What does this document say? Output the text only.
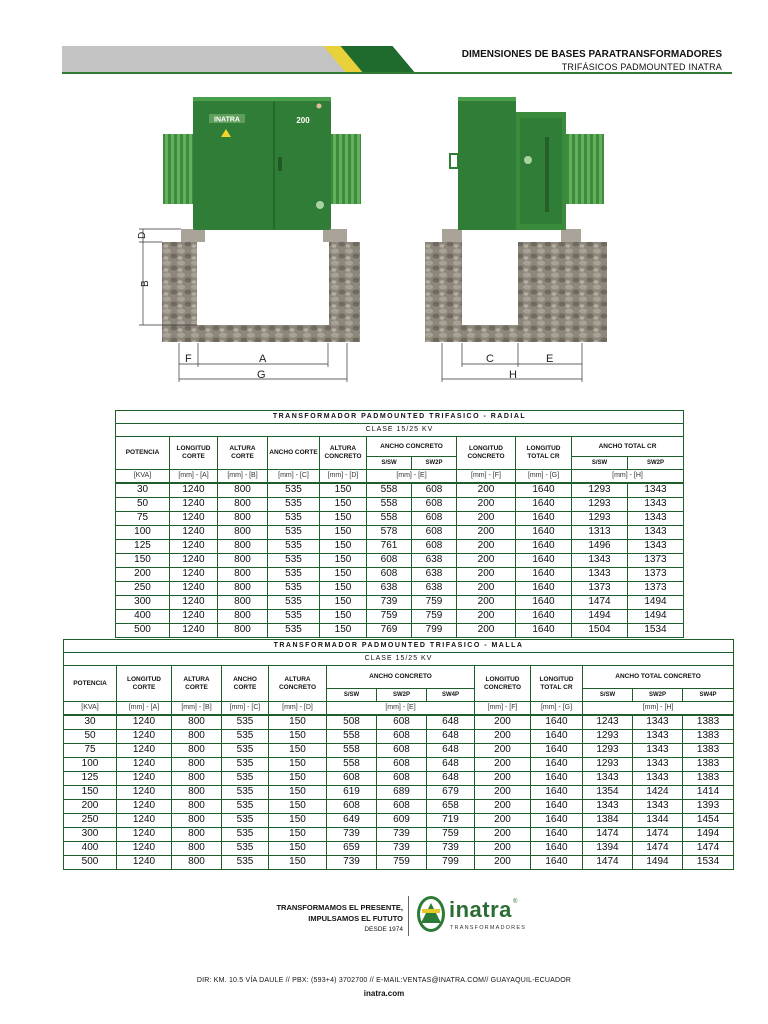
DIMENSIONES DE BASES PARATRANSFORMADORES
TRIFÁSICOS PADMOUNTED INATRA
INATRA	200
D
B
F	A
G
C	E
H
TRANSFORMADOR PADMOUNTED TRIFASICO - RADIAL										
CLASE 15/25 KV										
POTENCIA	LONGITUD CORTE	ALTURA CORTE	ANCHO CORTE	ALTURA CONCRETO	ANCHO CONCRETO		LONGITUD CONCRETO	LONGITUD TOTAL CR	ANCHO TOTAL CR	
					S/SW	SW2P			S/SW	SW2P
[KVA]	[mm] - [A]	[mm] - [B]	[mm] - [C]	[mm] - [D]	[mm] - [E]		[mm] - [F]	[mm] - [G]	[mm] - [H]	
30	1240	800	535	150	558	608	200	1640	1293	1343
50	1240	800	535	150	558	608	200	1640	1293	1343
75	1240	800	535	150	558	608	200	1640	1293	1343
100	1240	800	535	150	578	608	200	1640	1313	1343
125	1240	800	535	150	761	608	200	1640	1496	1343
150	1240	800	535	150	608	638	200	1640	1343	1373
200	1240	800	535	150	608	638	200	1640	1343	1373
250	1240	800	535	150	638	638	200	1640	1373	1373
300	1240	800	535	150	739	759	200	1640	1474	1494
400	1240	800	535	150	759	759	200	1640	1494	1494
500	1240	800	535	150	769	799	200	1640	1504	1534
TRANSFORMADOR PADMOUNTED TRIFASICO - MALLA												
CLASE 15/25 KV												
POTENCIA	LONGITUD CORTE	ALTURA CORTE	ANCHO CORTE	ALTURA CONCRETO	ANCHO CONCRETO			LONGITUD CONCRETO	LONGITUD TOTAL CR	ANCHO TOTAL CONCRETO		
					S/SW	SW2P	SW4P			S/SW	SW2P	SW4P
[KVA]	[mm] - [A]	[mm] - [B]	[mm] - [C]	[mm] - [D]	[mm] - [E]			[mm] - [F]	[mm] - [G]	[mm] - [H]		
30	1240	800	535	150	508	608	648	200	1640	1243	1343	1383
50	1240	800	535	150	558	608	648	200	1640	1293	1343	1383
75	1240	800	535	150	558	608	648	200	1640	1293	1343	1383
100	1240	800	535	150	558	608	648	200	1640	1293	1343	1383
125	1240	800	535	150	608	608	648	200	1640	1343	1343	1383
150	1240	800	535	150	619	689	679	200	1640	1354	1424	1414
200	1240	800	535	150	608	608	658	200	1640	1343	1343	1393
250	1240	800	535	150	649	609	719	200	1640	1384	1344	1454
300	1240	800	535	150	739	739	759	200	1640	1474	1474	1494
400	1240	800	535	150	659	739	739	200	1640	1394	1474	1474
500	1240	800	535	150	739	759	799	200	1640	1474	1494	1534
TRANSFORMAMOS EL PRESENTE,
IMPULSAMOS EL FUTUTO
DESDE 1974
inatra ®
TRANSFORMADORES
DIR: KM. 10.5 VÍA DAULE // PBX: (593+4) 3702700 // E-MAIL:VENTAS@INATRA.COM// GUAYAQUIL-ECUADOR
inatra.com
